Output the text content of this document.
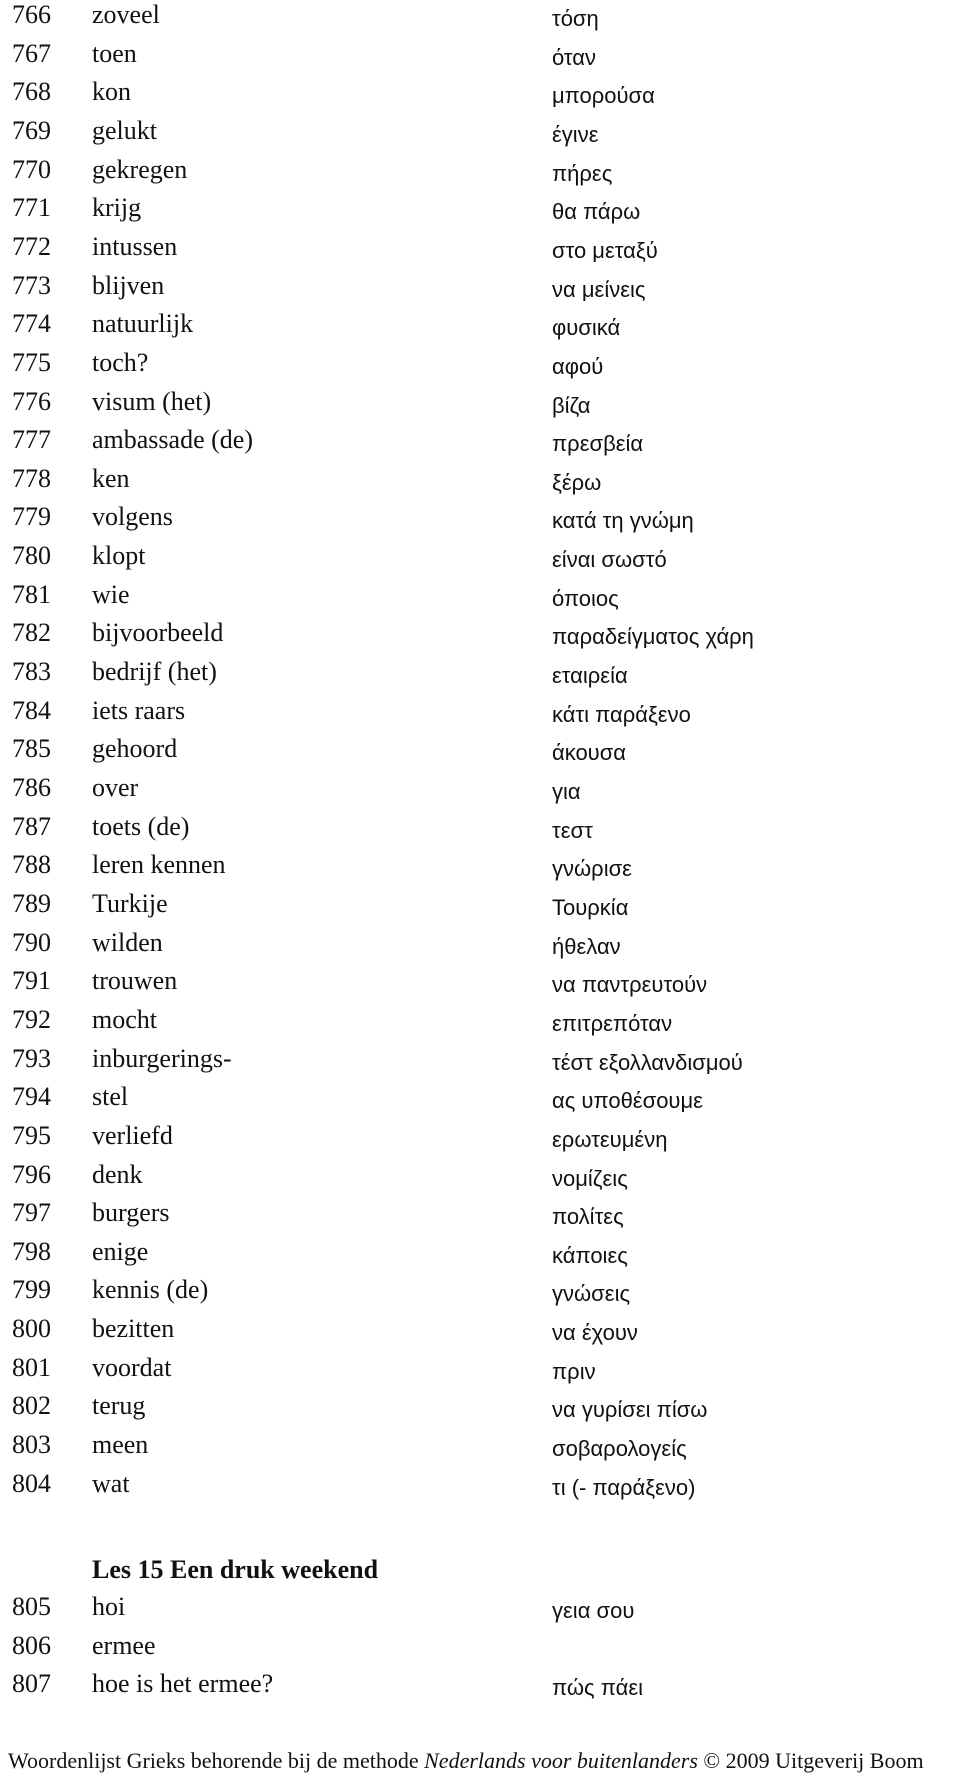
766 zoveel	τόση
767 toen	όταν
768 kon	μπορούσα
769 gelukt	έγινε
770 gekregen	πήρες
771 krijg	θα πάρω
772 intussen	στο μεταξύ
773 blijven	να μείνεις
774 natuurlijk	φυσικά
775 toch?	αφού
776 visum (het)	βίζα
777 ambassade (de)	πρεσβεία
778 ken	ξέρω
779 volgens	κατά τη γνώμη
780 klopt	είναι σωστό
781 wie	όποιος
782 bijvoorbeeld	παραδείγματος χάρη
783 bedrijf (het)	εταιρεία
784 iets raars	κάτι παράξενο
785 gehoord	άκουσα
786 over	για
787 toets (de)	τεστ
788 leren kennen	γνώρισε
789 Turkije	Τουρκία
790 wilden	ήθελαν
791 trouwen	να παντρευτούν
792 mocht	επιτρεπόταν
793 inburgerings-	τέστ εξολλανδισμού
794 stel	ας υποθέσουμε
795 verliefd	ερωτευμένη
796 denk	νομίζεις
797 burgers	πολίτες
798 enige	κάποιες
799 kennis (de)	γνώσεις
800 bezitten	να έχουν
801 voordat	πριν
802 terug	να γυρίσει πίσω
803 meen	σοβαρολογείς
804 wat	τι (- παράξενο)
Les 15 Een druk weekend
805 hoi	γεια σου
806 ermee
807 hoe is het ermee?	πώς πάει
Woordenlijst Grieks behorende bij de methode Nederlands voor buitenlanders © 2009 Uitgeverij Boom
